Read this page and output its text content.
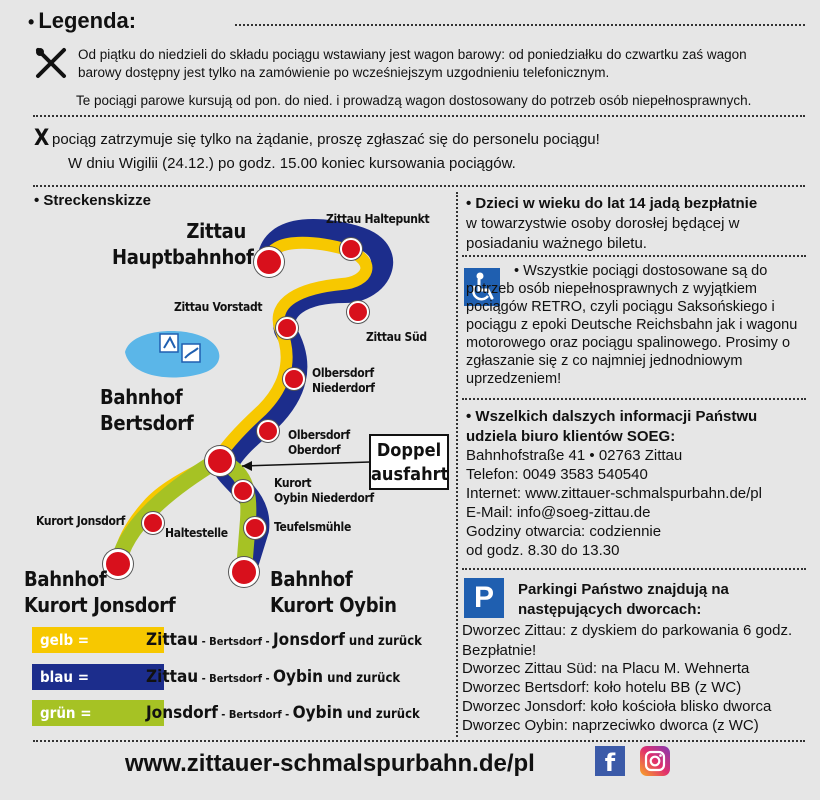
• Legenda:
Od piątku do niedzieli do składu pociągu wstawiany jest wagon barowy: od poniedziałku do czwartku zaś wagon barowy dostępny jest tylko na zamówienie po wcześniejszym uzgodnieniu telefonicznym.
Te pociągi parowe kursują od pon. do nied. i prowadzą wagon dostosowany do potrzeb osób niepełnosprawnych.
X pociąg zatrzymuje się tylko na żądanie, proszę zgłaszać się do personelu pociągu!
W dniu Wigilii (24.12.) po godz. 15.00 koniec kursowania pociągów.
• Streckenskizze
Zittau
Hauptbahnhof
Zittau Haltepunkt
Zittau Vorstadt
Zittau Süd
Olbersdorf
Niederdorf
Bahnhof
Bertsdorf	Olbersdorf
Oberdorf
Kurort
Oybin Niederdorf
Kurort Jonsdorf
Haltestelle	Teufelsmühle
Bahnhof
Kurort Jonsdorf
Bahnhof
Kurort Oybin
Doppel
ausfahrt
gelb =	Zittau - Bertsdorf - Jonsdorf und zurück
blau =	Zittau - Bertsdorf - Oybin und zurück
grün =	Jonsdorf - Bertsdorf - Oybin und zurück
• Dzieci w wieku do lat 14 jadą bezpłatnie
w towarzystwie osoby dorosłej będącej w posiadaniu ważnego biletu.
• Wszystkie pociągi dostosowane są do potrzeb osób niepełnosprawnych z wyjątkiem pociągów RETRO, czyli pociągu Saksońskiego i pociągu z epoki Deutsche Reichsbahn jak i wagonu motorowego oraz pociągu spalinowego. Prosimy o zgłaszanie się z co najmniej jednodniowym uprzedzeniem!
• Wszelkich dalszych informacji Państwu udziela biuro klientów SOEG:
Bahnhofstraße 41 • 02763 Zittau
Telefon: 0049 3583 540540
Internet: www.zittauer-schmalspurbahn.de/pl
E-Mail: info@soeg-zittau.de
Godziny otwarcia: codziennie
od godz. 8.30 do 13.30
P	Parkingi Państwo znajdują na następujących dworcach:
Dworzec Zittau: z dyskiem do parkowania 6 godz. Bezpłatnie!
Dworzec Zittau Süd: na Placu M. Wehnerta
Dworzec Bertsdorf: koło hotelu BB (z WC)
Dworzec Jonsdorf: koło kościoła blisko dworca
Dworzec Oybin: naprzeciwko dworca (z WC)
www.zittauer-schmalspurbahn.de/pl	f
